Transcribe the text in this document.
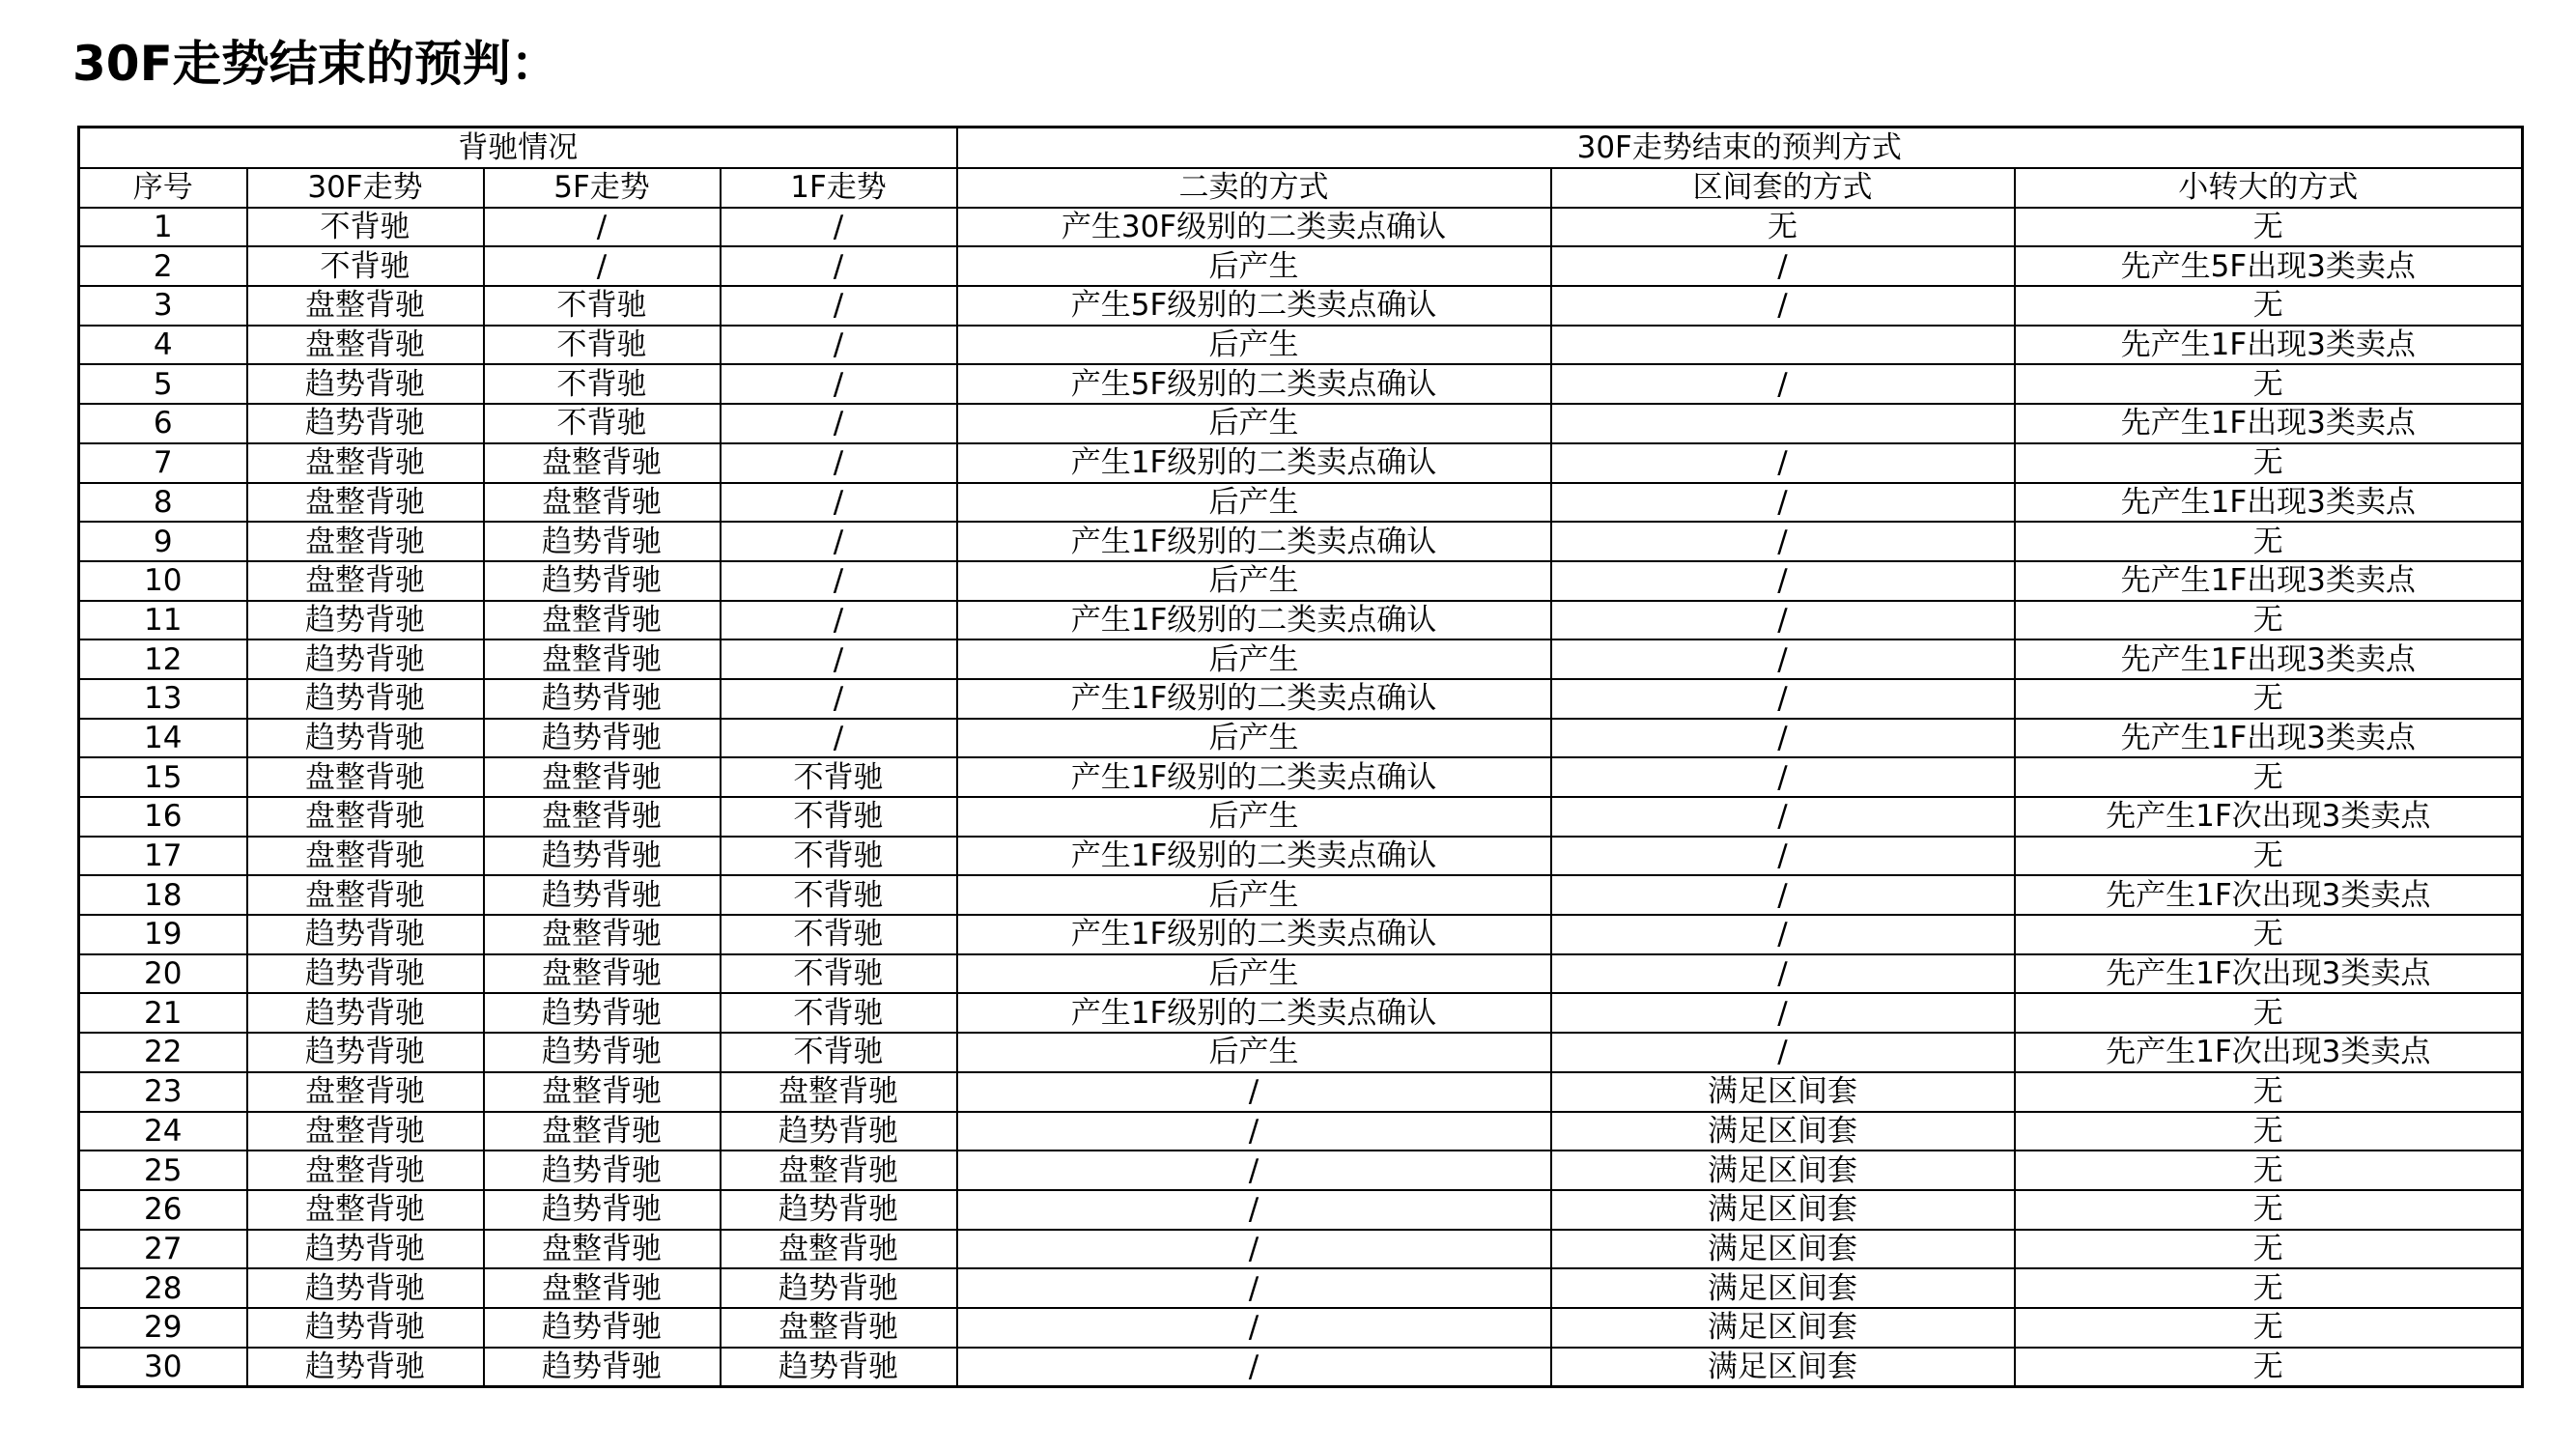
30F走势结束的预判：
背驰情况				30F走势结束的预判方式		
序号	30F走势	5F走势	1F走势	二卖的方式	区间套的方式	小转大的方式
1	不背驰	/	/	产生30F级别的二类卖点确认	无	无
2	不背驰	/	/	后产生	/	先产生5F出现3类卖点
3	盘整背驰	不背驰	/	产生5F级别的二类卖点确认	/	无
4	盘整背驰	不背驰	/	后产生		先产生1F出现3类卖点
5	趋势背驰	不背驰	/	产生5F级别的二类卖点确认	/	无
6	趋势背驰	不背驰	/	后产生		先产生1F出现3类卖点
7	盘整背驰	盘整背驰	/	产生1F级别的二类卖点确认	/	无
8	盘整背驰	盘整背驰	/	后产生	/	先产生1F出现3类卖点
9	盘整背驰	趋势背驰	/	产生1F级别的二类卖点确认	/	无
10	盘整背驰	趋势背驰	/	后产生	/	先产生1F出现3类卖点
11	趋势背驰	盘整背驰	/	产生1F级别的二类卖点确认	/	无
12	趋势背驰	盘整背驰	/	后产生	/	先产生1F出现3类卖点
13	趋势背驰	趋势背驰	/	产生1F级别的二类卖点确认	/	无
14	趋势背驰	趋势背驰	/	后产生	/	先产生1F出现3类卖点
15	盘整背驰	盘整背驰	不背驰	产生1F级别的二类卖点确认	/	无
16	盘整背驰	盘整背驰	不背驰	后产生	/	先产生1F次出现3类卖点
17	盘整背驰	趋势背驰	不背驰	产生1F级别的二类卖点确认	/	无
18	盘整背驰	趋势背驰	不背驰	后产生	/	先产生1F次出现3类卖点
19	趋势背驰	盘整背驰	不背驰	产生1F级别的二类卖点确认	/	无
20	趋势背驰	盘整背驰	不背驰	后产生	/	先产生1F次出现3类卖点
21	趋势背驰	趋势背驰	不背驰	产生1F级别的二类卖点确认	/	无
22	趋势背驰	趋势背驰	不背驰	后产生	/	先产生1F次出现3类卖点
23	盘整背驰	盘整背驰	盘整背驰	/	满足区间套	无
24	盘整背驰	盘整背驰	趋势背驰	/	满足区间套	无
25	盘整背驰	趋势背驰	盘整背驰	/	满足区间套	无
26	盘整背驰	趋势背驰	趋势背驰	/	满足区间套	无
27	趋势背驰	盘整背驰	盘整背驰	/	满足区间套	无
28	趋势背驰	盘整背驰	趋势背驰	/	满足区间套	无
29	趋势背驰	趋势背驰	盘整背驰	/	满足区间套	无
30	趋势背驰	趋势背驰	趋势背驰	/	满足区间套	无
